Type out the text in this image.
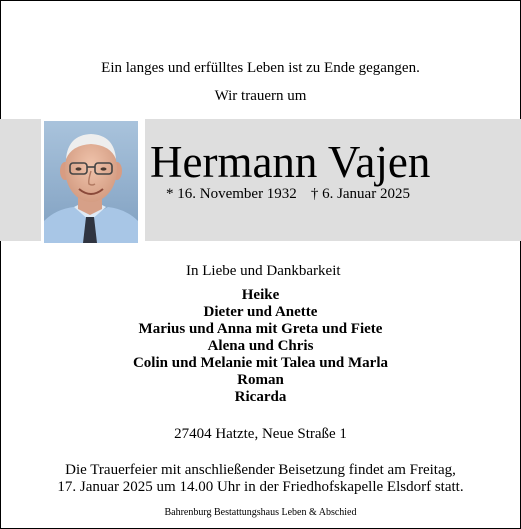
Ein langes und erfülltes Leben ist zu Ende gegangen.
Wir trauern um
Hermann Vajen
* 16. November 1932 † 6. Januar 2025
In Liebe und Dankbarkeit
Heike
Dieter und Anette
Marius und Anna mit Greta und Fiete
Alena und Chris
Colin und Melanie mit Talea und Marla
Roman
Ricarda
27404 Hatzte, Neue Straße 1
Die Trauerfeier mit anschließender Beisetzung findet am Freitag,
17. Januar 2025 um 14.00 Uhr in der Friedhofskapelle Elsdorf statt.
Bahrenburg Bestattungshaus Leben & Abschied
